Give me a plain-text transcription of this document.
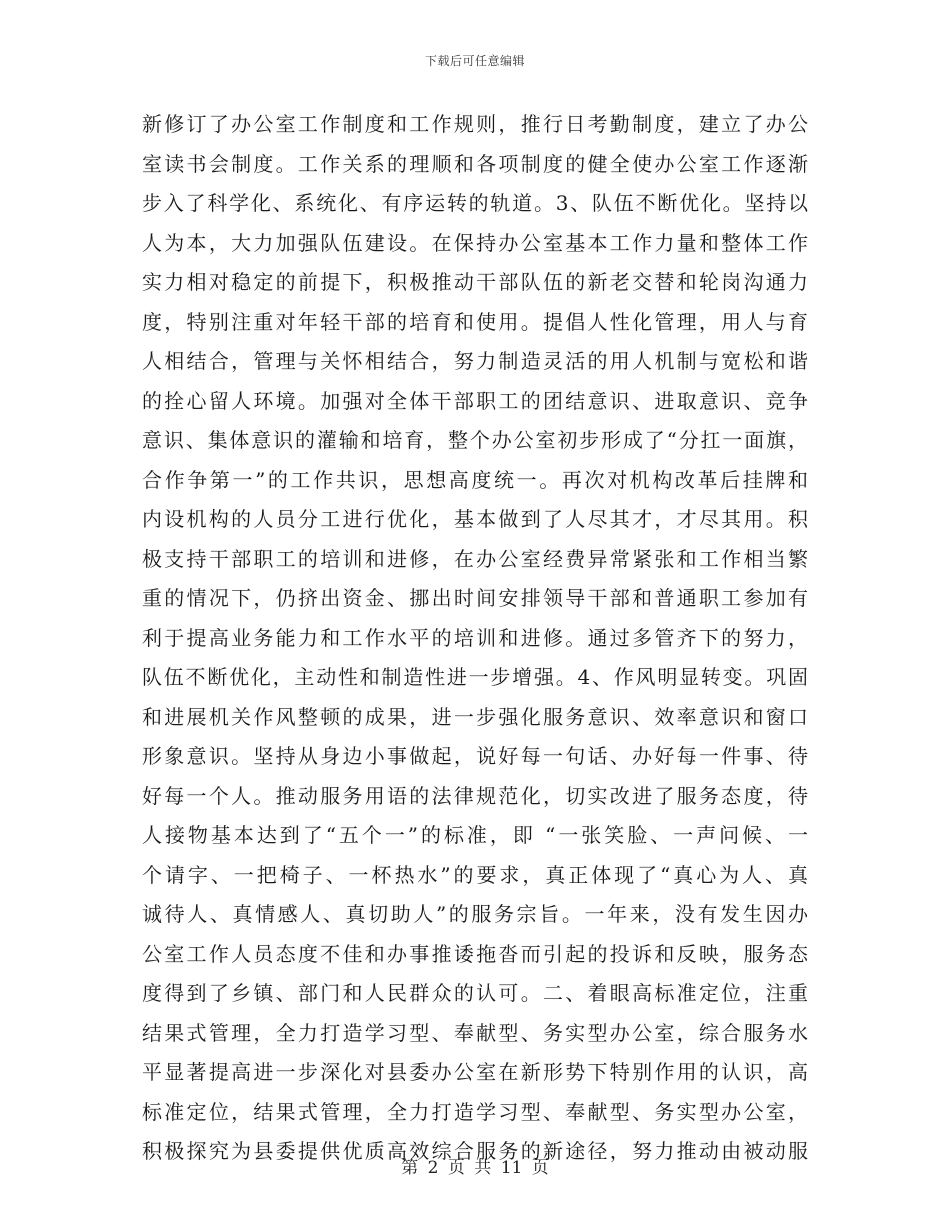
下载后可任意编辑
新修订了办公室工作制度和工作规则，推行日考勤制度，建立了办公
室读书会制度。工作关系的理顺和各项制度的健全使办公室工作逐渐
步入了科学化、系统化、有序运转的轨道。3、队伍不断优化。坚持以
人为本，大力加强队伍建设。在保持办公室基本工作力量和整体工作
实力相对稳定的前提下，积极推动干部队伍的新老交替和轮岗沟通力
度，特别注重对年轻干部的培育和使用。提倡人性化管理，用人与育
人相结合，管理与关怀相结合，努力制造灵活的用人机制与宽松和谐
的拴心留人环境。加强对全体干部职工的团结意识、进取意识、竞争
意识、集体意识的灌输和培育，整个办公室初步形成了“分扛一面旗，
合作争第一”的工作共识，思想高度统一。再次对机构改革后挂牌和
内设机构的人员分工进行优化，基本做到了人尽其才，才尽其用。积
极支持干部职工的培训和进修，在办公室经费异常紧张和工作相当繁
重的情况下，仍挤出资金、挪出时间安排领导干部和普通职工参加有
利于提高业务能力和工作水平的培训和进修。通过多管齐下的努力，
队伍不断优化，主动性和制造性进一步增强。4、作风明显转变。巩固
和进展机关作风整顿的成果，进一步强化服务意识、效率意识和窗口
形象意识。坚持从身边小事做起，说好每一句话、办好每一件事、待
好每一个人。推动服务用语的法律规范化，切实改进了服务态度，待
人接物基本达到了“五个一”的标准，即 “一张笑脸、一声问候、一
个请字、一把椅子、一杯热水”的要求，真正体现了“真心为人、真
诚待人、真情感人、真切助人”的服务宗旨。一年来，没有发生因办
公室工作人员态度不佳和办事推诿拖沓而引起的投诉和反映，服务态
度得到了乡镇、部门和人民群众的认可。二、着眼高标准定位，注重
结果式管理，全力打造学习型、奉献型、务实型办公室，综合服务水
平显著提高进一步深化对县委办公室在新形势下特别作用的认识，高
标准定位，结果式管理，全力打造学习型、奉献型、务实型办公室，
积极探究为县委提供优质高效综合服务的新途径，努力推动由被动服
第 2 页 共 11 页
